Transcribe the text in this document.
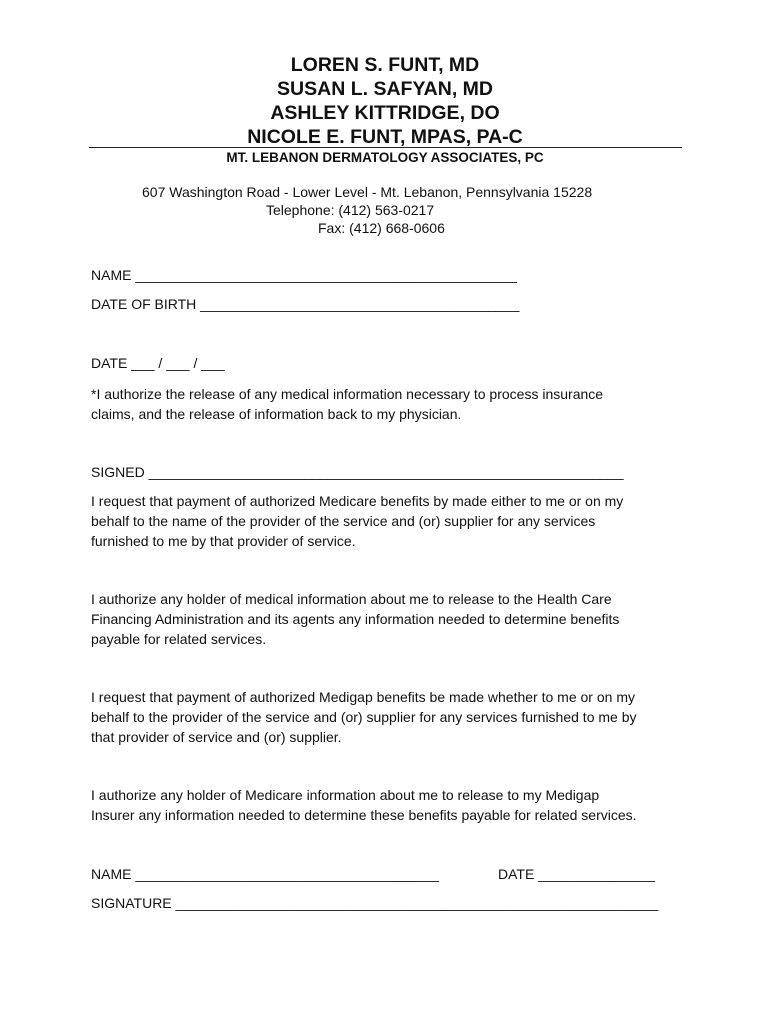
LOREN S. FUNT, MD
SUSAN L. SAFYAN, MD
ASHLEY KITTRIDGE, DO
NICOLE E. FUNT, MPAS, PA-C
MT. LEBANON DERMATOLOGY ASSOCIATES, PC
607 Washington Road - Lower Level - Mt. Lebanon, Pennsylvania 15228
Telephone: (412) 563-0217
Fax: (412) 668-0606
NAME _________________________________________________
DATE OF BIRTH _________________________________________
DATE ___ / ___ / ___
*I authorize the release of any medical information necessary to process insurance
claims, and the release of information back to my physician.
SIGNED _____________________________________________________________
I request that payment of authorized Medicare benefits by made either to me or on my
behalf to the name of the provider of the service and (or) supplier for any services
furnished to me by that provider of service.
I authorize any holder of medical information about me to release to the Health Care
Financing Administration and its agents any information needed to determine benefits
payable for related services.
I request that payment of authorized Medigap benefits be made whether to me or on my
behalf to the provider of the service and (or) supplier for any services furnished to me by
that provider of service and (or) supplier.
I authorize any holder of Medicare information about me to release to my Medigap
Insurer any information needed to determine these benefits payable for related services.
NAME _______________________________________	DATE _______________
SIGNATURE ______________________________________________________________
